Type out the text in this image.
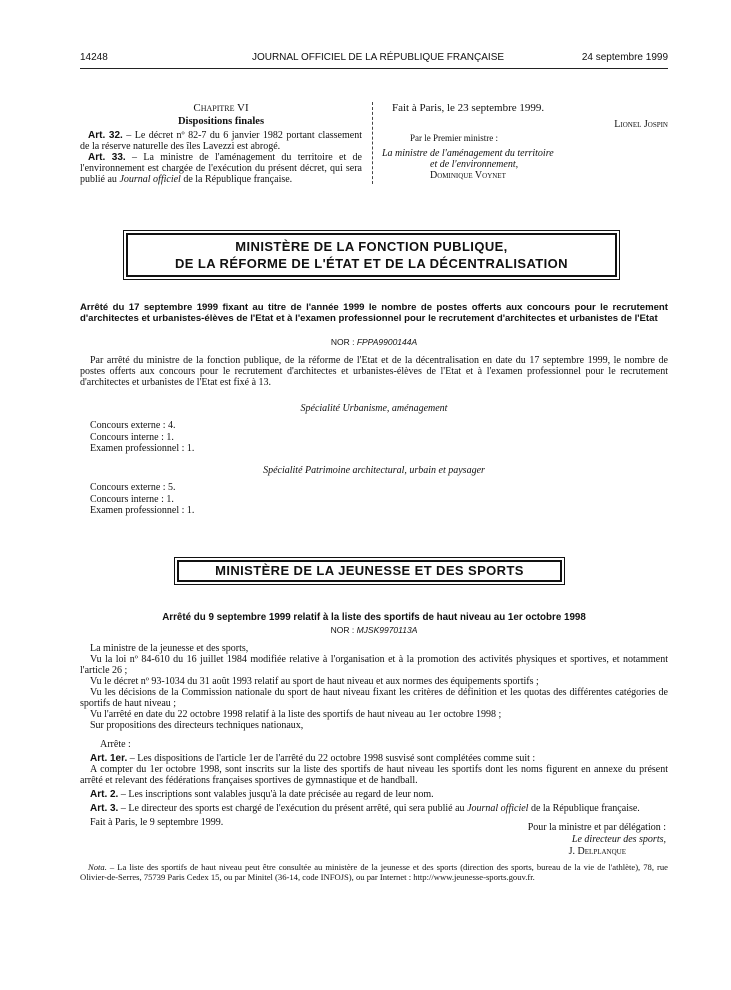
14248	JOURNAL OFFICIEL DE LA RÉPUBLIQUE FRANÇAISE	24 septembre 1999

Chapitre VI

Dispositions finales

Art. 32. – Le décret nº 82-7 du 6 janvier 1982 portant classement de la réserve naturelle des îles Lavezzi est abrogé.

Art. 33. – La ministre de l'aménagement du territoire et de l'environnement est chargée de l'exécution du présent décret, qui sera publié au Journal officiel de la République française.

Fait à Paris, le 23 septembre 1999.

Lionel Jospin

Par le Premier ministre :

La ministre de l'aménagement du territoire

et de l'environnement,

Dominique Voynet

MINISTÈRE DE LA FONCTION PUBLIQUE,
DE LA RÉFORME DE L'ÉTAT ET DE LA DÉCENTRALISATION
Arrêté du 17 septembre 1999 fixant au titre de l'année 1999 le nombre de postes offerts aux concours pour le recrutement d'architectes et urbanistes-élèves de l'Etat et à l'examen professionnel pour le recrutement d'architectes et urbanistes de l'Etat
NOR : FPPA9900144A

Par arrêté du ministre de la fonction publique, de la réforme de l'Etat et de la décentralisation en date du 17 septembre 1999, le nombre de postes offerts aux concours pour le recrutement d'architectes et urbanistes-élèves de l'Etat et à l'examen professionnel pour le recrutement d'architectes et urbanistes de l'Etat est fixé à 13.

Spécialité Urbanisme, aménagement

Concours externe : 4.
Concours interne : 1.
Examen professionnel : 1.

Spécialité Patrimoine architectural, urbain et paysager

Concours externe : 5.
Concours interne : 1.
Examen professionnel : 1.
MINISTÈRE DE LA JEUNESSE ET DES SPORTS
Arrêté du 9 septembre 1999 relatif à la liste des sportifs de haut niveau au 1er octobre 1998
NOR : MJSK9970113A

La ministre de la jeunesse et des sports,

Vu la loi nº 84-610 du 16 juillet 1984 modifiée relative à l'organisation et à la promotion des activités physiques et sportives, et notamment l'article 26 ;

Vu le décret nº 93-1034 du 31 août 1993 relatif au sport de haut niveau et aux normes des équipements sportifs ;

Vu les décisions de la Commission nationale du sport de haut niveau fixant les critères de définition et les quotas des différentes catégories de sportifs de haut niveau ;

Vu l'arrêté en date du 22 octobre 1998 relatif à la liste des sportifs de haut niveau au 1er octobre 1998 ;

Sur propositions des directeurs techniques nationaux,

Arrête :

Art. 1er. – Les dispositions de l'article 1er de l'arrêté du 22 octobre 1998 susvisé sont complétées comme suit :

A compter du 1er octobre 1998, sont inscrits sur la liste des sportifs de haut niveau les sportifs dont les noms figurent en annexe du présent arrêté et relevant des fédérations françaises sportives de gymnastique et de handball.

Art. 2. – Les inscriptions sont valables jusqu'à la date précisée au regard de leur nom.

Art. 3. – Le directeur des sports est chargé de l'exécution du présent arrêté, qui sera publié au Journal officiel de la République française.

Fait à Paris, le 9 septembre 1999.	Pour la ministre et par délégation :
Le directeur des sports,
J. Delplanque

Nota. – La liste des sportifs de haut niveau peut être consultée au ministère de la jeunesse et des sports (direction des sports, bureau de la vie de l'athlète), 78, rue Olivier-de-Serres, 75739 Paris Cedex 15, ou par Minitel (36-14, code INFOJS), ou par Internet : http://www.jeunesse-sports.gouv.fr.
